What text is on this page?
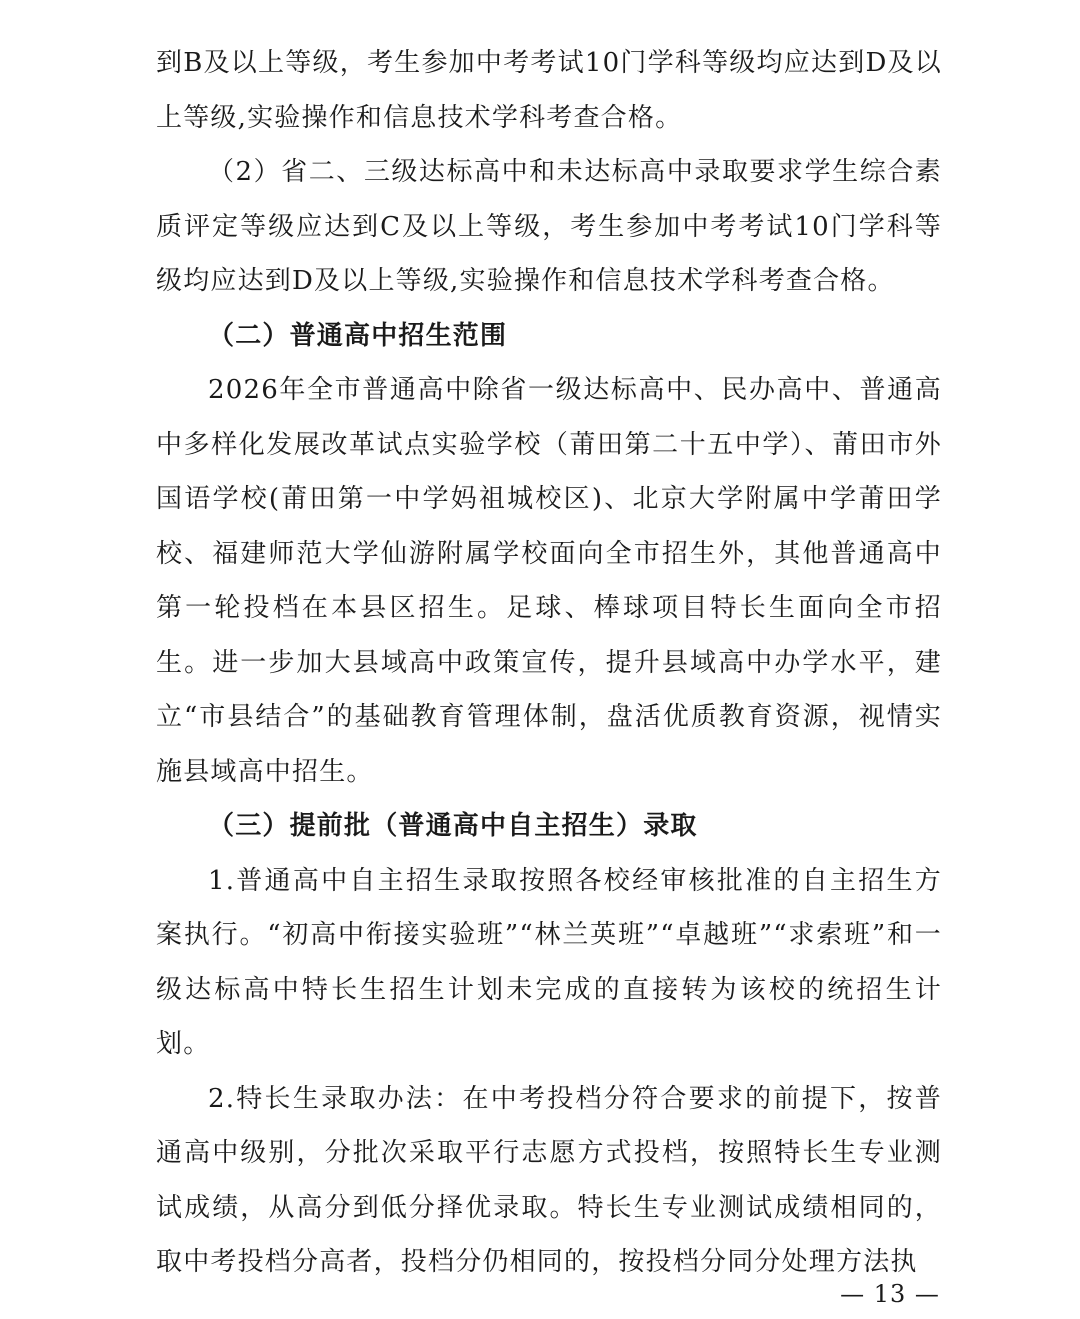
到B及以上等级，考生参加中考考试10门学科等级均应达到D及以上等级,实验操作和信息技术学科考查合格。

（2）省二、三级达标高中和未达标高中录取要求学生综合素质评定等级应达到C及以上等级，考生参加中考考试10门学科等级均应达到D及以上等级,实验操作和信息技术学科考查合格。

（二）普通高中招生范围

2026年全市普通高中除省一级达标高中、民办高中、普通高中多样化发展改革试点实验学校（莆田第二十五中学）、莆田市外国语学校(莆田第一中学妈祖城校区)、北京大学附属中学莆田学校、福建师范大学仙游附属学校面向全市招生外，其他普通高中第一轮投档在本县区招生。足球、棒球项目特长生面向全市招生。进一步加大县域高中政策宣传，提升县域高中办学水平，建立“市县结合”的基础教育管理体制，盘活优质教育资源，视情实施县域高中招生。

（三）提前批（普通高中自主招生）录取

1.普通高中自主招生录取按照各校经审核批准的自主招生方案执行。“初高中衔接实验班”“林兰英班”“卓越班”“求索班”和一级达标高中特长生招生计划未完成的直接转为该校的统招生计划。

2.特长生录取办法：在中考投档分符合要求的前提下，按普通高中级别，分批次采取平行志愿方式投档，按照特长生专业测试成绩，从高分到低分择优录取。特长生专业测试成绩相同的，取中考投档分高者，投档分仍相同的，按投档分同分处理方法执

— 13 —
